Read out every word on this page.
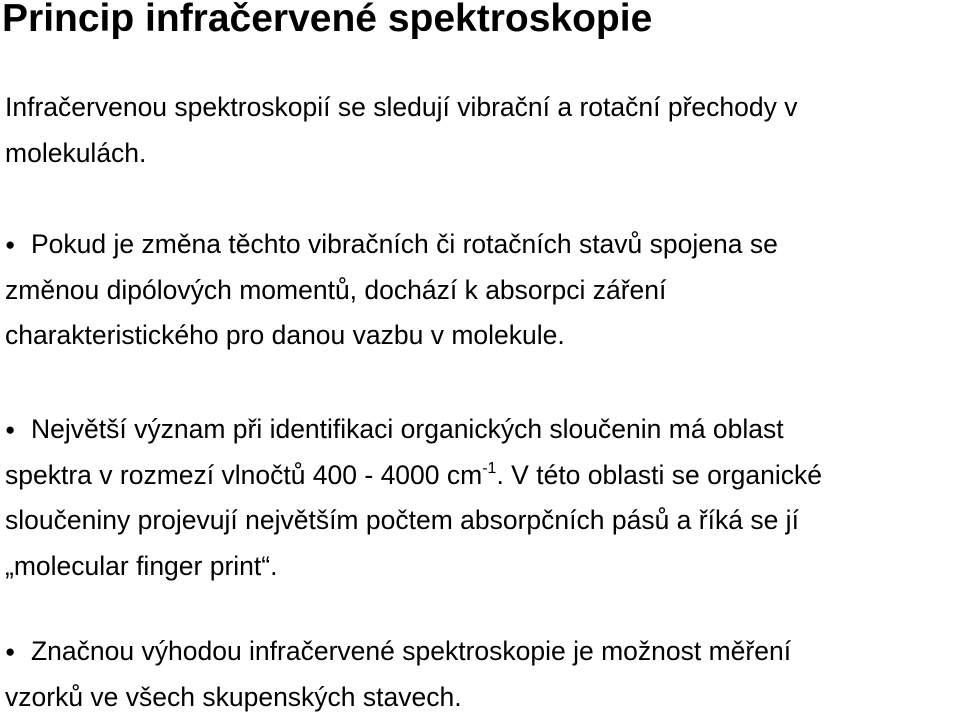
Princip infračervené spektroskopie

Infračervenou spektroskopií se sledují vibrační a rotační přechody v
molekulách.

● Pokud je změna těchto vibračních či rotačních stavů spojena se
změnou dipólových momentů, dochází k absorpci záření
charakteristického pro danou vazbu v molekule.

● Největší význam při identifikaci organických sloučenin má oblast
spektra v rozmezí vlnočtů 400 - 4000 $cm^{-1}$. V této oblasti se organické
sloučeniny projevují největším počtem absorpčních pásů a říká se jí
„molecular finger print“.

● Značnou výhodou infračervené spektroskopie je možnost měření
vzorků ve všech skupenských stavech.
